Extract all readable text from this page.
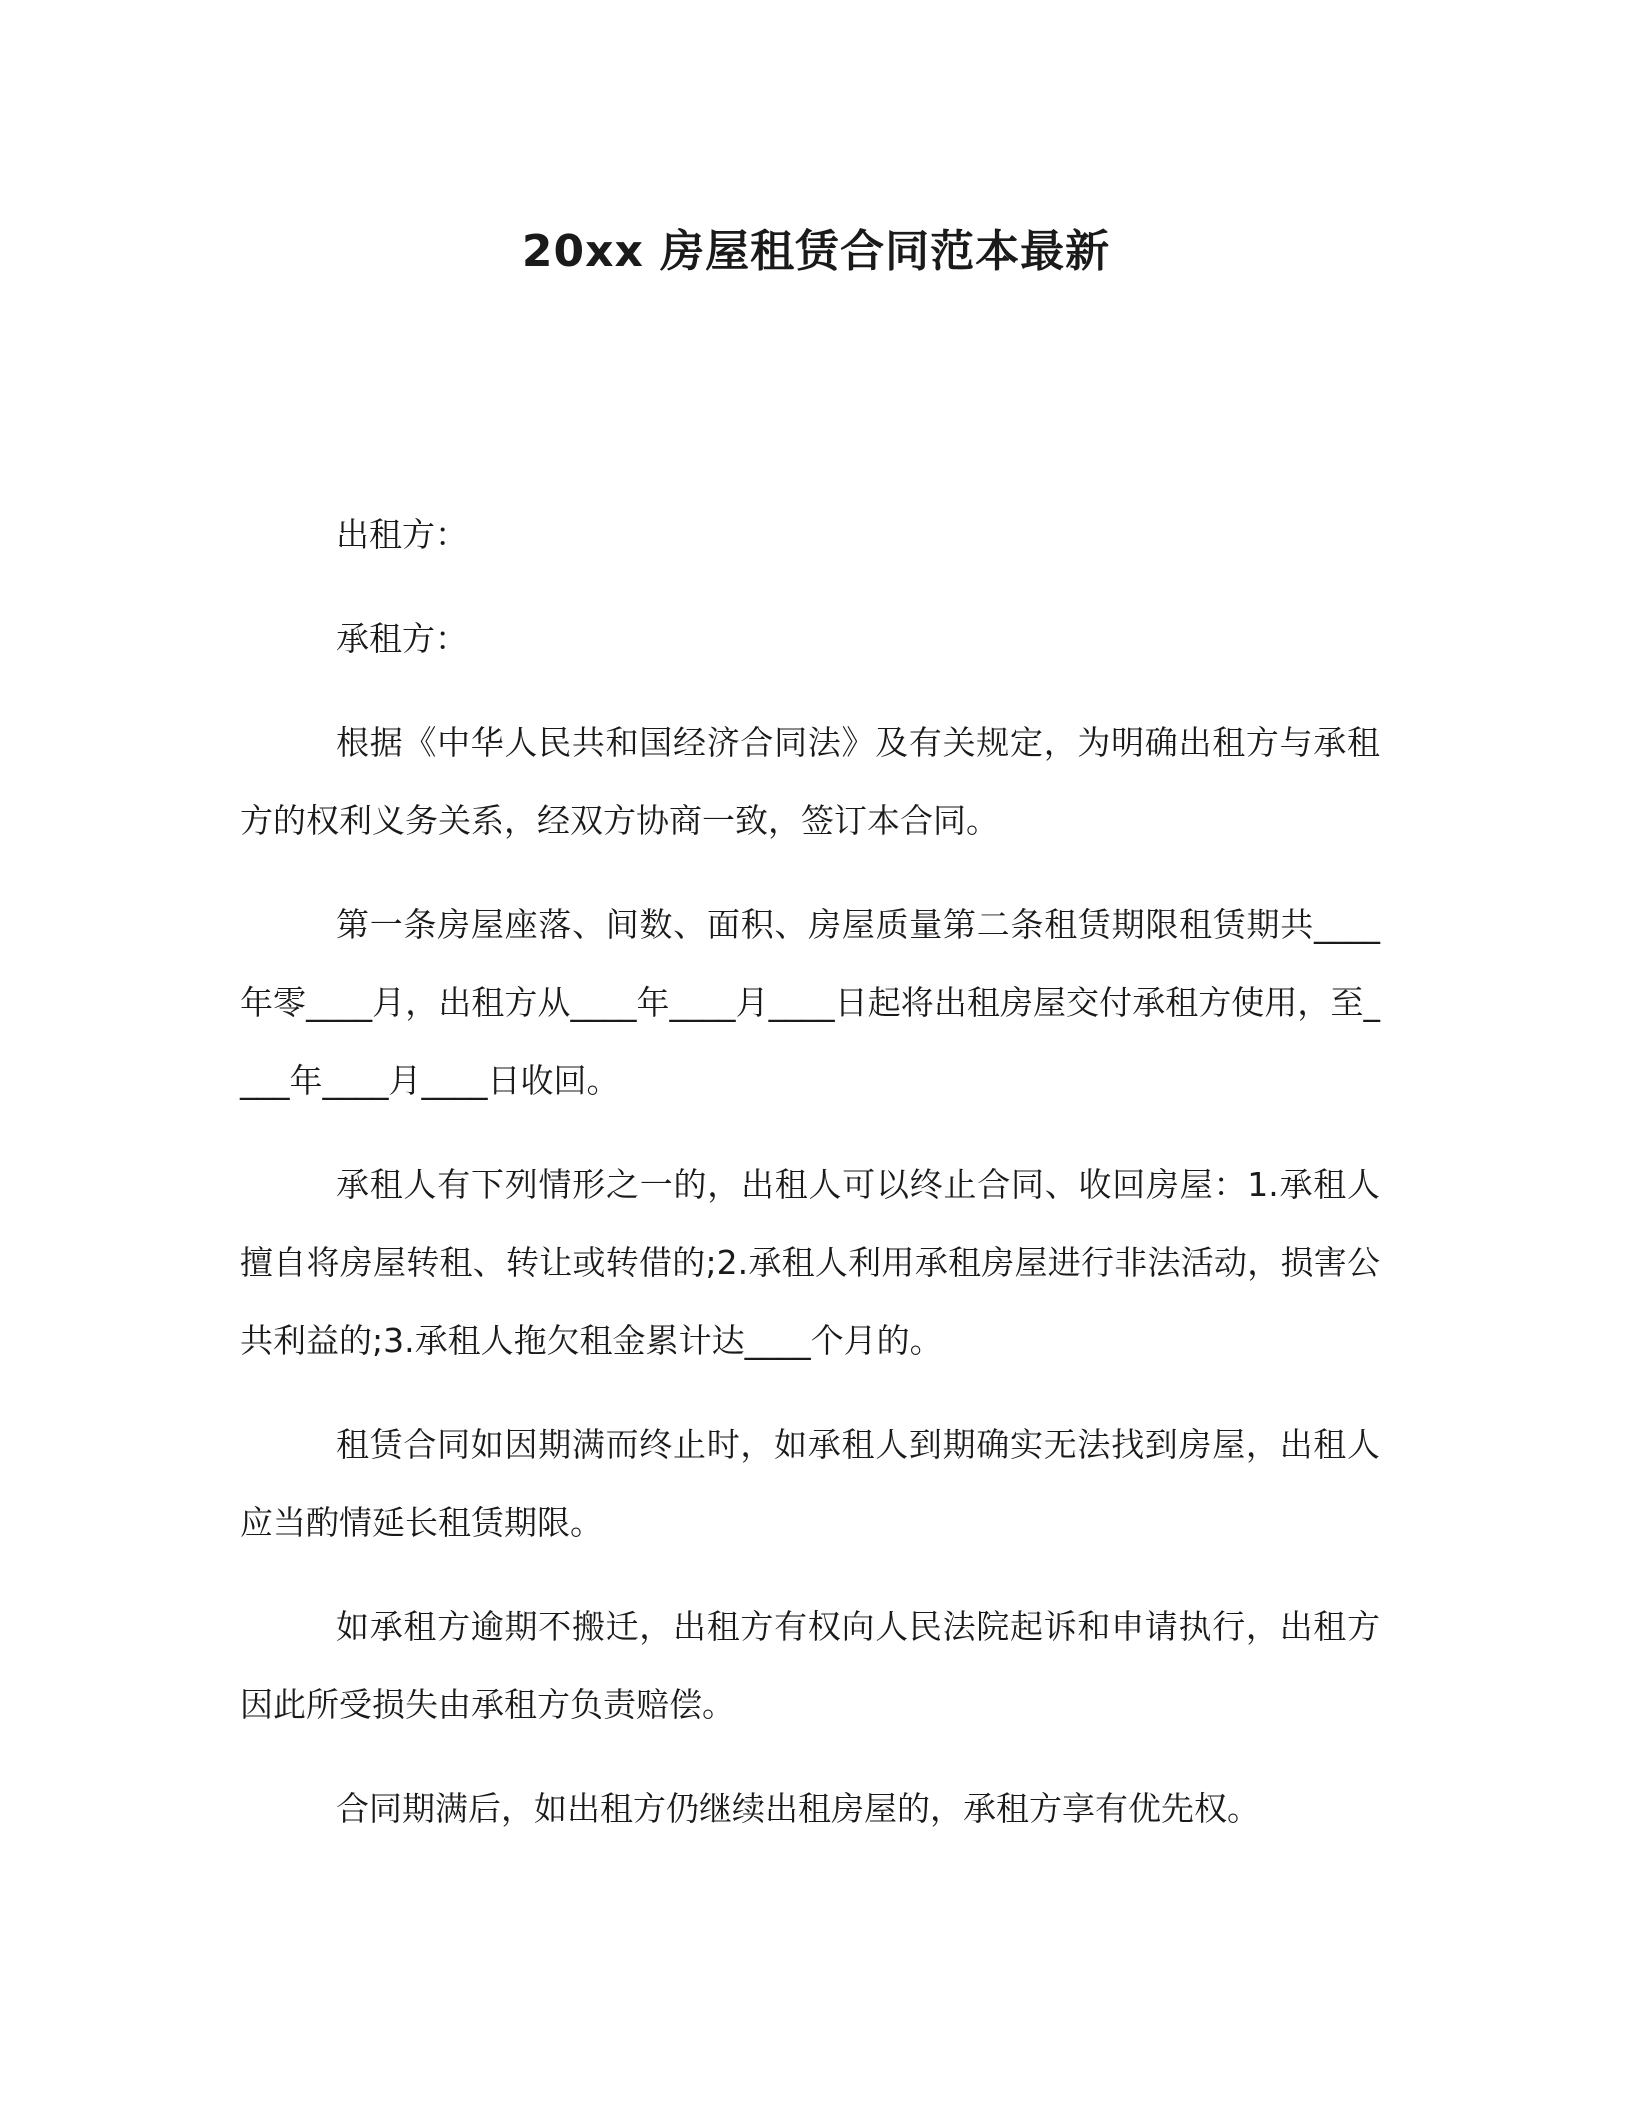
20xx 房屋租赁合同范本最新

出租方：

承租方：

根据《中华人民共和国经济合同法》及有关规定，为明确出租方与承租方的权利义务关系，经双方协商一致，签订本合同。

第一条房屋座落、间数、面积、房屋质量第二条租赁期限租赁期共____年零____月，出租方从____年____月____日起将出租房屋交付承租方使用，至____年____月____日收回。

承租人有下列情形之一的，出租人可以终止合同、收回房屋：1.承租人擅自将房屋转租、转让或转借的;2.承租人利用承租房屋进行非法活动，损害公共利益的;3.承租人拖欠租金累计达____个月的。

租赁合同如因期满而终止时，如承租人到期确实无法找到房屋，出租人应当酌情延长租赁期限。

如承租方逾期不搬迁，出租方有权向人民法院起诉和申请执行，出租方因此所受损失由承租方负责赔偿。

合同期满后，如出租方仍继续出租房屋的，承租方享有优先权。
